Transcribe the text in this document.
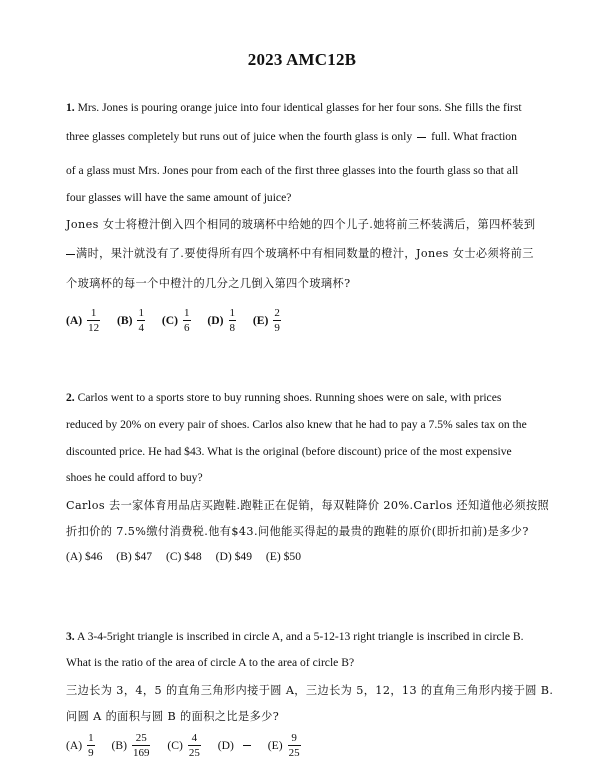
2023 AMC12B
1. Mrs. Jones is pouring orange juice into four identical glasses for her four sons. She fills the first
three glasses completely but runs out of juice when the fourth glass is only full. What fraction
of a glass must Mrs. Jones pour from each of the first three glasses into the fourth glass so that all
four glasses will have the same amount of juice?
Jones 女士将橙汁倒入四个相同的玻璃杯中给她的四个儿子.她将前三杯装满后，第四杯装到
满时，果汁就没有了.要使得所有四个玻璃杯中有相同数量的橙汁，Jones 女士必须将前三
个玻璃杯的每一个中橙汁的几分之几倒入第四个玻璃杯?
$(A) \frac{1}{12}$
$(B) \frac{1}{4}$
$(C) \frac{1}{6}$
$(D) \frac{1}{8}$
$(E) \frac{2}{9}$
2. Carlos went to a sports store to buy running shoes. Running shoes were on sale, with prices
reduced by 20% on every pair of shoes. Carlos also knew that he had to pay a 7.5% sales tax on the
discounted price. He had $43. What is the original (before discount) price of the most expensive
shoes he could afford to buy?
Carlos 去一家体育用品店买跑鞋.跑鞋正在促销，每双鞋降价 20%.Carlos 还知道他必须按照
折扣价的 7.5%缴付消费税.他有$43.问他能买得起的最贵的跑鞋的原价(即折扣前)是多少?
(A) $46 (B) $47 (C) $48 (D) $49 (E) $50
3. A 3-4-5right triangle is inscribed in circle A, and a 5-12-13 right triangle is inscribed in circle B.
What is the ratio of the area of circle A to the area of circle B?
三边长为 3，4，5 的直角三角形内接于圆 A，三边长为 5，12，13 的直角三角形内接于圆 B.
问圆 A 的面积与圆 B 的面积之比是多少?
$(A) \frac{1}{9}$
$(B) \frac{25}{169}$
$(C) \frac{4}{25}$
(D)
	$(E) \frac{9}{25}$
